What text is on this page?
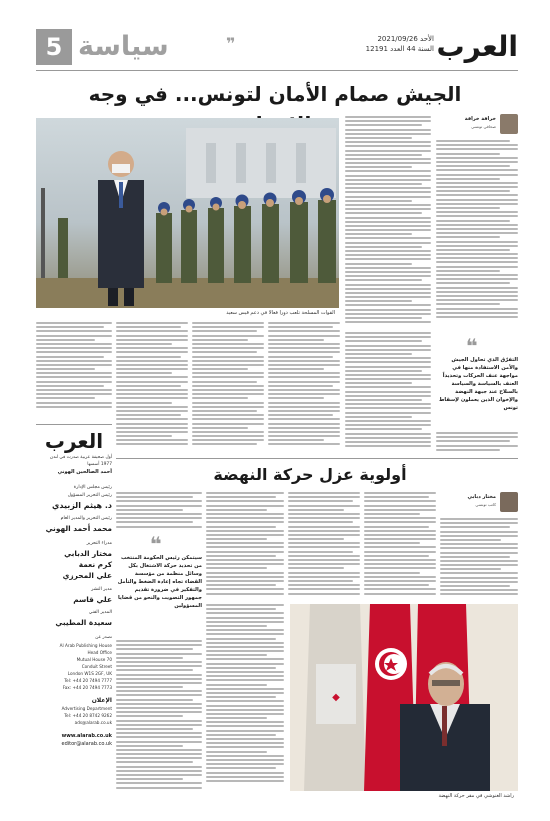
5 سياسة	❞	الأحد 2021/09/26
السنة 44 العدد 12191 العرب
الجيش صمام الأمان لتونس... في وجه
خرافة خرافة
صحافي تونسي
القوات المسلحة تلعب دورا فعالا في دعم قيس سعيد
❝
التفرّق الذي تحاول الجيش والأمن الاستفادة منها في مواجهة عنف الحركات وتحديداً العنف بالسياسة والسياسة بالسلاح عند جبهة النهضة والإخوان الذين يعملون لإسقاط تونس
العرب
أول صحيفة عربية صدرت في لندن
1977 أسسها
أحمد الصالحين الهوني
رئيس مجلس الإدارة
رئيس التحرير المسؤول
د. هيثم الزبيدي
رئيس التحرير والمدير العام
محمد أحمد الهوني
مدراء التحرير
مختار الدبابي
كرم نعمة
علي المحرزي
مدير النشر
علي قاسم
المدير الفني
سعيدة المطيبي
تصدر عن
Al Arab Publishing House
Head Office
Mutual House 70
Conduit Street
London W1S 2GF, UK
Tel: +44 20 7494 7777
Fax: +44 20 7494 7773
الإعلان
Advertising Department
Tel: +44 20 8742 9262
ads@alarab.co.uk
www.alarab.co.uk
editor@alarab.co.uk
أولوية عزل حركة النهضة
مختار دبابي
كاتب تونسي
❝
سيتمكن رئيس الحكومة المنتخب من تحديد حركة الاشتغال بكل وسائل منظمة من مؤسسة القضاء تجاه إعادة الضغط والتأمل والتفكير في ضرورة تقديم جمهور التصويت والنحو من قضايا المسؤولين
◆
راشد الغنوشي في مقر حركة النهضة
